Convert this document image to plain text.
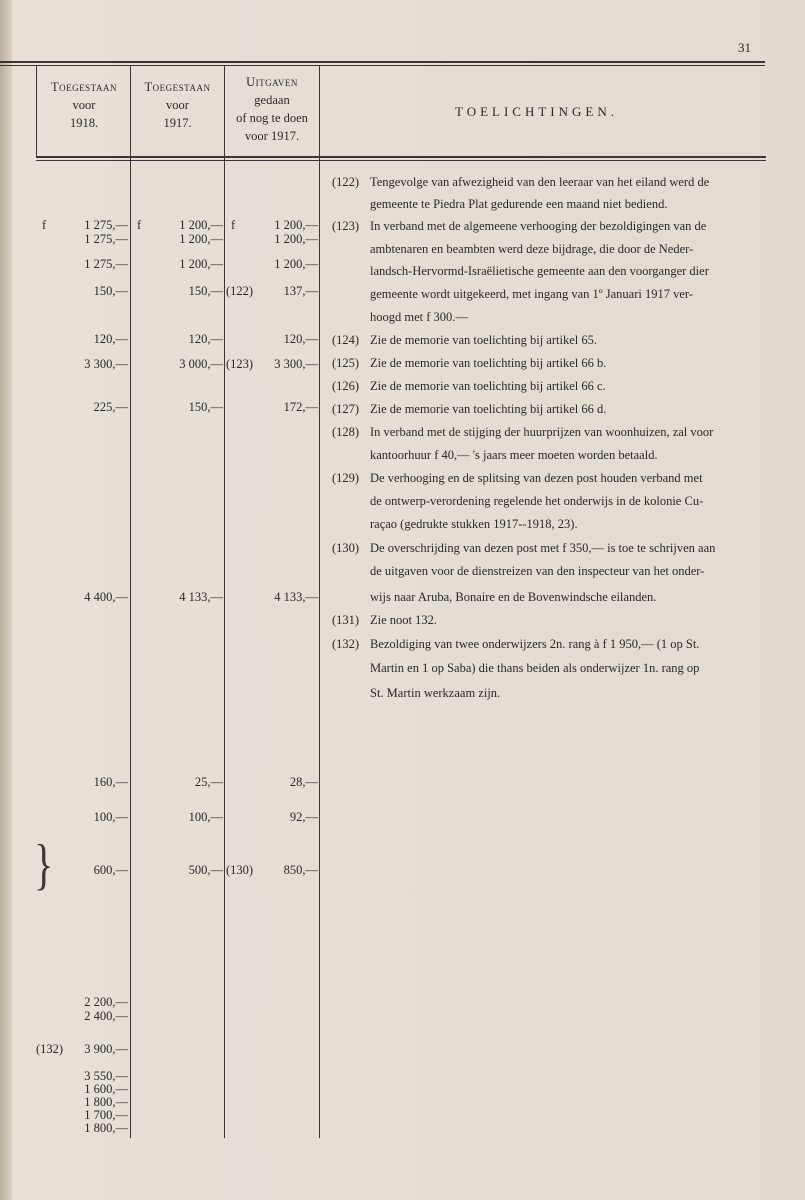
31
Toegestaan
voor
1918.
Toegestaan
voor
1917.
Uitgaven
gedaan
of nog te doen
voor 1917.
TOELICHTINGEN.
f	1 275,— f	1 200,— f	1 200,—
1 275,—	1 200,—	1 200,—
1 275,—	1 200,—	1 200,—
150,—	150,— (122) 137,—
120,—	120,—	120,—
3 300,—	3 000,— (123) 3 300,—
225,—	150,—	172,—
4 400,—	4 133,—	4 133,—
160,—	25,—	28,—
100,—	100,—	92,—
}	600,—	500,— (130) 850,—
2 200,—
2 400,—
(132) 3 900,—
3 550,—
1 600,—
1 800,—
1 700,—
1 800,—
(122) Tengevolge van afwezigheid van den leeraar van het eiland werd de
gemeente te Piedra Plat gedurende een maand niet bediend.
(123) In verband met de algemeene verhooging der bezoldigingen van de
ambtenaren en beambten werd deze bijdrage, die door de Neder-
landsch-Hervormd-Israëlietische gemeente aan den voorganger dier
gemeente wordt uitgekeerd, met ingang van 1º Januari 1917 ver-
hoogd met f 300.—
(124) Zie de memorie van toelichting bij artikel 65.
(125) Zie de memorie van toelichting bij artikel 66 b.
(126) Zie de memorie van toelichting bij artikel 66 c.
(127) Zie de memorie van toelichting bij artikel 66 d.
(128) In verband met de stijging der huurprijzen van woonhuizen, zal voor
kantoorhuur f 40,— 's jaars meer moeten worden betaald.
(129) De verhooging en de splitsing van dezen post houden verband met
de ontwerp-verordening regelende het onderwijs in de kolonie Cu-
raçao (gedrukte stukken 1917--1918, 23).
(130) De overschrijding van dezen post met f 350,— is toe te schrijven aan
de uitgaven voor de dienstreizen van den inspecteur van het onder-
wijs naar Aruba, Bonaire en de Bovenwindsche eilanden.
(131) Zie noot 132.
(132) Bezoldiging van twee onderwijzers 2n. rang à f 1 950,— (1 op St.
Martin en 1 op Saba) die thans beiden als onderwijzer 1n. rang op
St. Martin werkzaam zijn.
